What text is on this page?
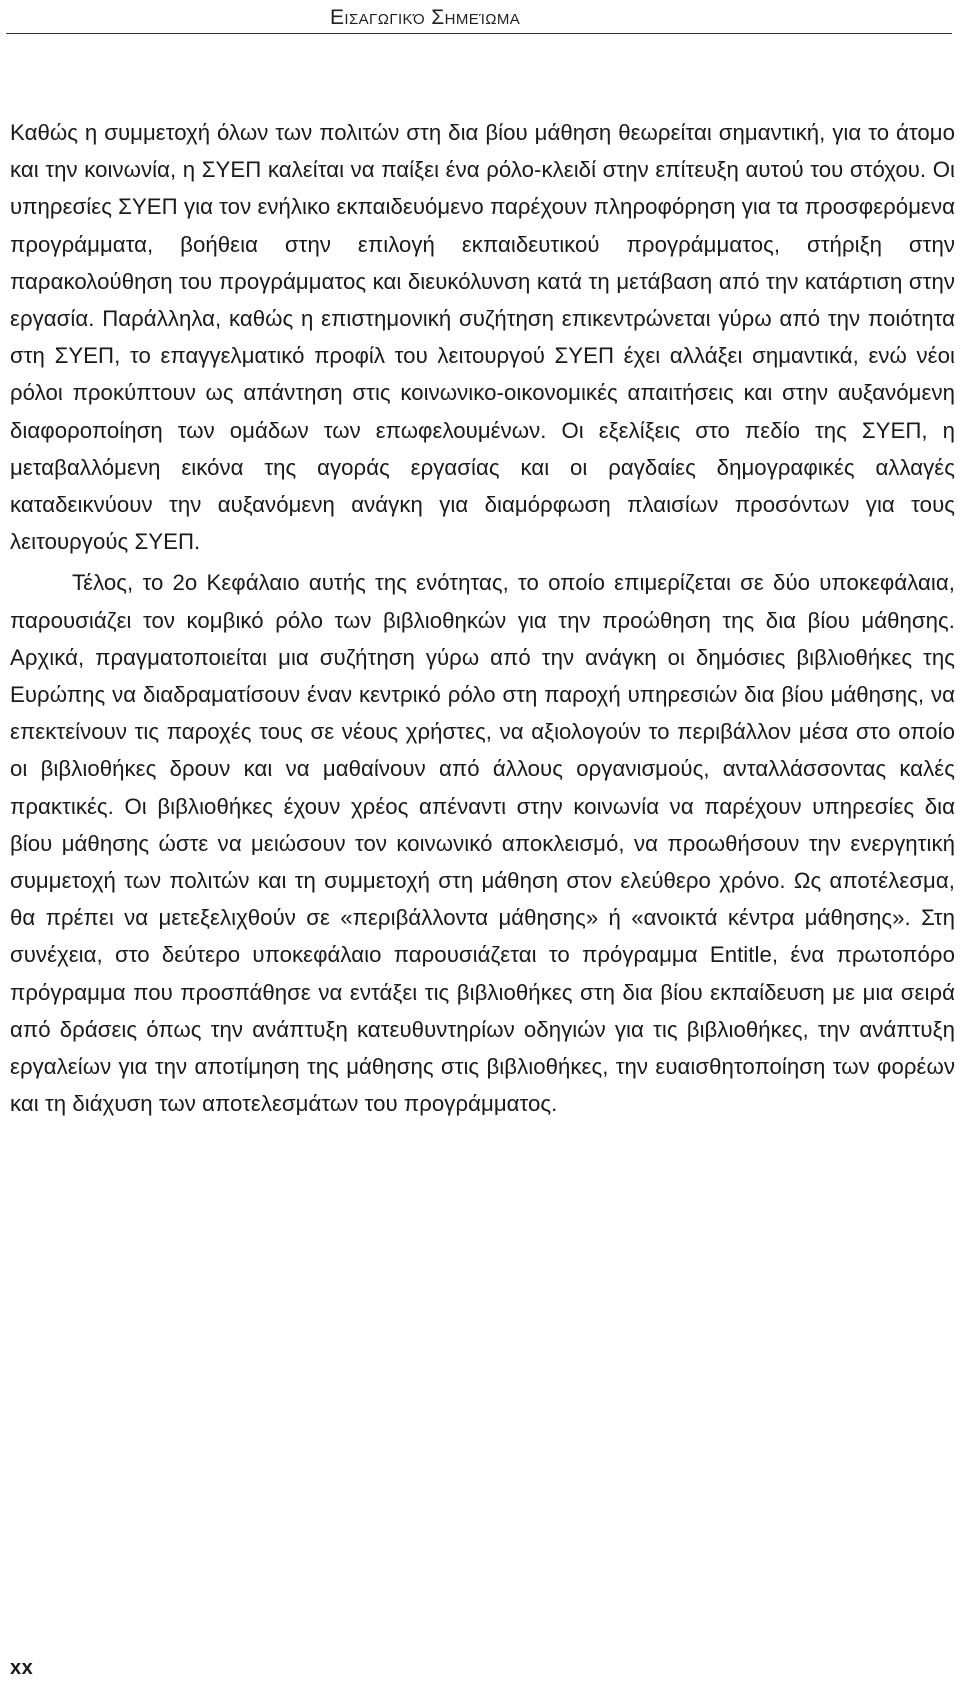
Εισαγωγικό Σημείωμα

Καθώς η συμμετοχή όλων των πολιτών στη δια βίου μάθηση θεωρείται σημαντική, για το άτομο και την κοινωνία, η ΣΥΕΠ καλείται να παίξει ένα ρόλο-κλειδί στην επίτευξη αυτού του στόχου. Οι υπηρεσίες ΣΥΕΠ για τον ενήλικο εκπαιδευόμενο παρέχουν πληροφόρηση για τα προσφερόμενα προγράμματα, βοήθεια στην επιλογή εκπαιδευτικού προγράμματος, στήριξη στην παρακολούθηση του προγράμματος και διευκόλυνση κατά τη μετάβαση από την κατάρτιση στην εργασία. Παράλληλα, καθώς η επιστημονική συζήτηση επικεντρώνεται γύρω από την ποιότητα στη ΣΥΕΠ, το επαγγελματικό προφίλ του λειτουργού ΣΥΕΠ έχει αλλάξει σημαντικά, ενώ νέοι ρόλοι προκύπτουν ως απάντηση στις κοινωνικο-οικονομικές απαιτήσεις και στην αυξανόμενη διαφοροποίηση των ομάδων των επωφελουμένων. Οι εξελίξεις στο πεδίο της ΣΥΕΠ, η μεταβαλλόμενη εικόνα της αγοράς εργασίας και οι ραγδαίες δημογραφικές αλλαγές καταδεικνύουν την αυξανόμενη ανάγκη για διαμόρφωση πλαισίων προσόντων για τους λειτουργούς ΣΥΕΠ.

Τέλος, το 2ο Κεφάλαιο αυτής της ενότητας, το οποίο επιμερίζεται σε δύο υποκεφάλαια, παρουσιάζει τον κομβικό ρόλο των βιβλιοθηκών για την προώθηση της δια βίου μάθησης. Αρχικά, πραγματοποιείται μια συζήτηση γύρω από την ανάγκη οι δημόσιες βιβλιοθήκες της Ευρώπης να διαδραματίσουν έναν κεντρικό ρόλο στη παροχή υπηρεσιών δια βίου μάθησης, να επεκτείνουν τις παροχές τους σε νέους χρήστες, να αξιολογούν το περιβάλλον μέσα στο οποίο οι βιβλιοθήκες δρουν και να μαθαίνουν από άλλους οργανισμούς, ανταλλάσσοντας καλές πρακτικές. Οι βιβλιοθήκες έχουν χρέος απέναντι στην κοινωνία να παρέχουν υπηρεσίες δια βίου μάθησης ώστε να μειώσουν τον κοινωνικό αποκλεισμό, να προωθήσουν την ενεργητική συμμετοχή των πολιτών και τη συμμετοχή στη μάθηση στον ελεύθερο χρόνο. Ως αποτέλεσμα, θα πρέπει να μετεξελιχθούν σε «περιβάλλοντα μάθησης» ή «ανοικτά κέντρα μάθησης». Στη συνέχεια, στο δεύτερο υποκεφάλαιο παρουσιάζεται το πρόγραμμα Entitle, ένα πρωτοπόρο πρόγραμμα που προσπάθησε να εντάξει τις βιβλιοθήκες στη δια βίου εκπαίδευση με μια σειρά από δράσεις όπως την ανάπτυξη κατευθυντηρίων οδηγιών για τις βιβλιοθήκες, την ανάπτυξη εργαλείων για την αποτίμηση της μάθησης στις βιβλιοθήκες, την ευαισθητοποίηση των φορέων και τη διάχυση των αποτελεσμάτων του προγράμματος.

xx
